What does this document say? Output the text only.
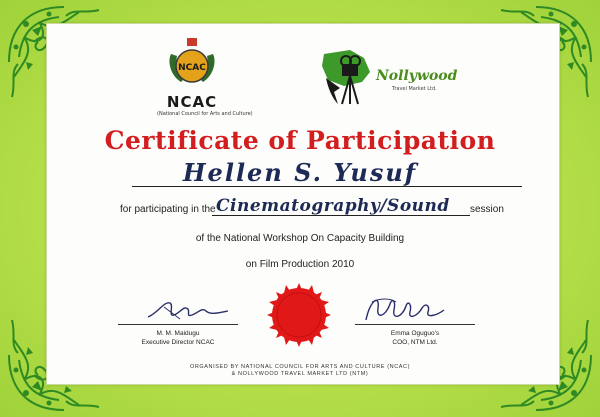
NCAC
NCAC
(National Council for Arts and Culture)
Nollywood
Travel Market Ltd.
Certificate of Participation
Hellen S. Yusuf
for participating in the Cinematography/Sound session
of the National Workshop On Capacity Building
on Film Production 2010
M. M. Maidugu
Executive Director NCAC
Emma Oguguo's
COO, NTM Ltd.
ORGANISED BY NATIONAL COUNCIL FOR ARTS AND CULTURE (NCAC)
& NOLLYWOOD TRAVEL MARKET LTD (NTM)
